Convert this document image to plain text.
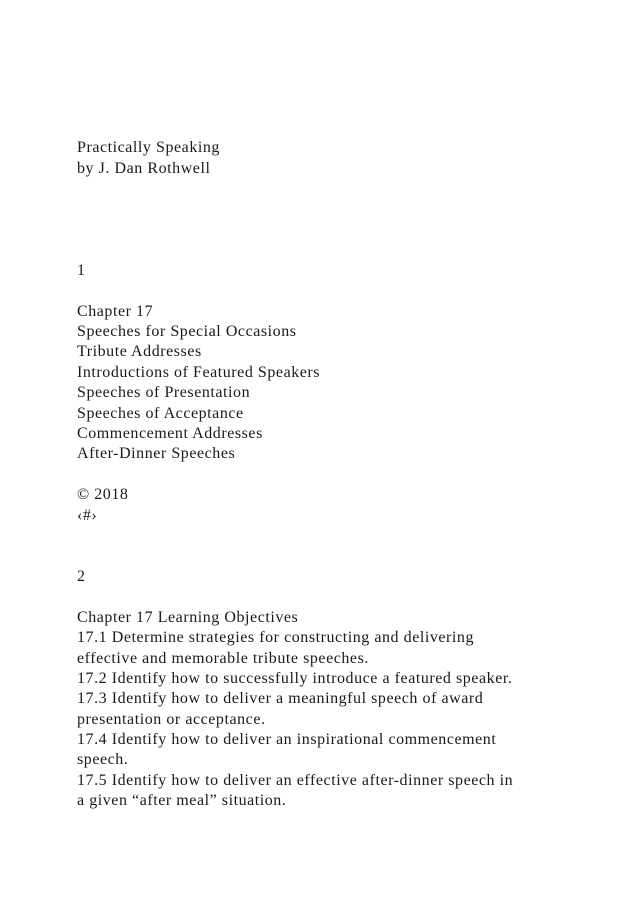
Practically Speaking
by J. Dan Rothwell
1
Chapter 17
Speeches for Special Occasions
Tribute Addresses
Introductions of Featured Speakers
Speeches of Presentation
Speeches of Acceptance
Commencement Addresses
After-Dinner Speeches
© 2018
‹#›
2
Chapter 17 Learning Objectives
17.1 Determine strategies for constructing and delivering
effective and memorable tribute speeches.
17.2 Identify how to successfully introduce a featured speaker.
17.3 Identify how to deliver a meaningful speech of award
presentation or acceptance.
17.4 Identify how to deliver an inspirational commencement
speech.
17.5 Identify how to deliver an effective after-dinner speech in
a given “after meal” situation.
